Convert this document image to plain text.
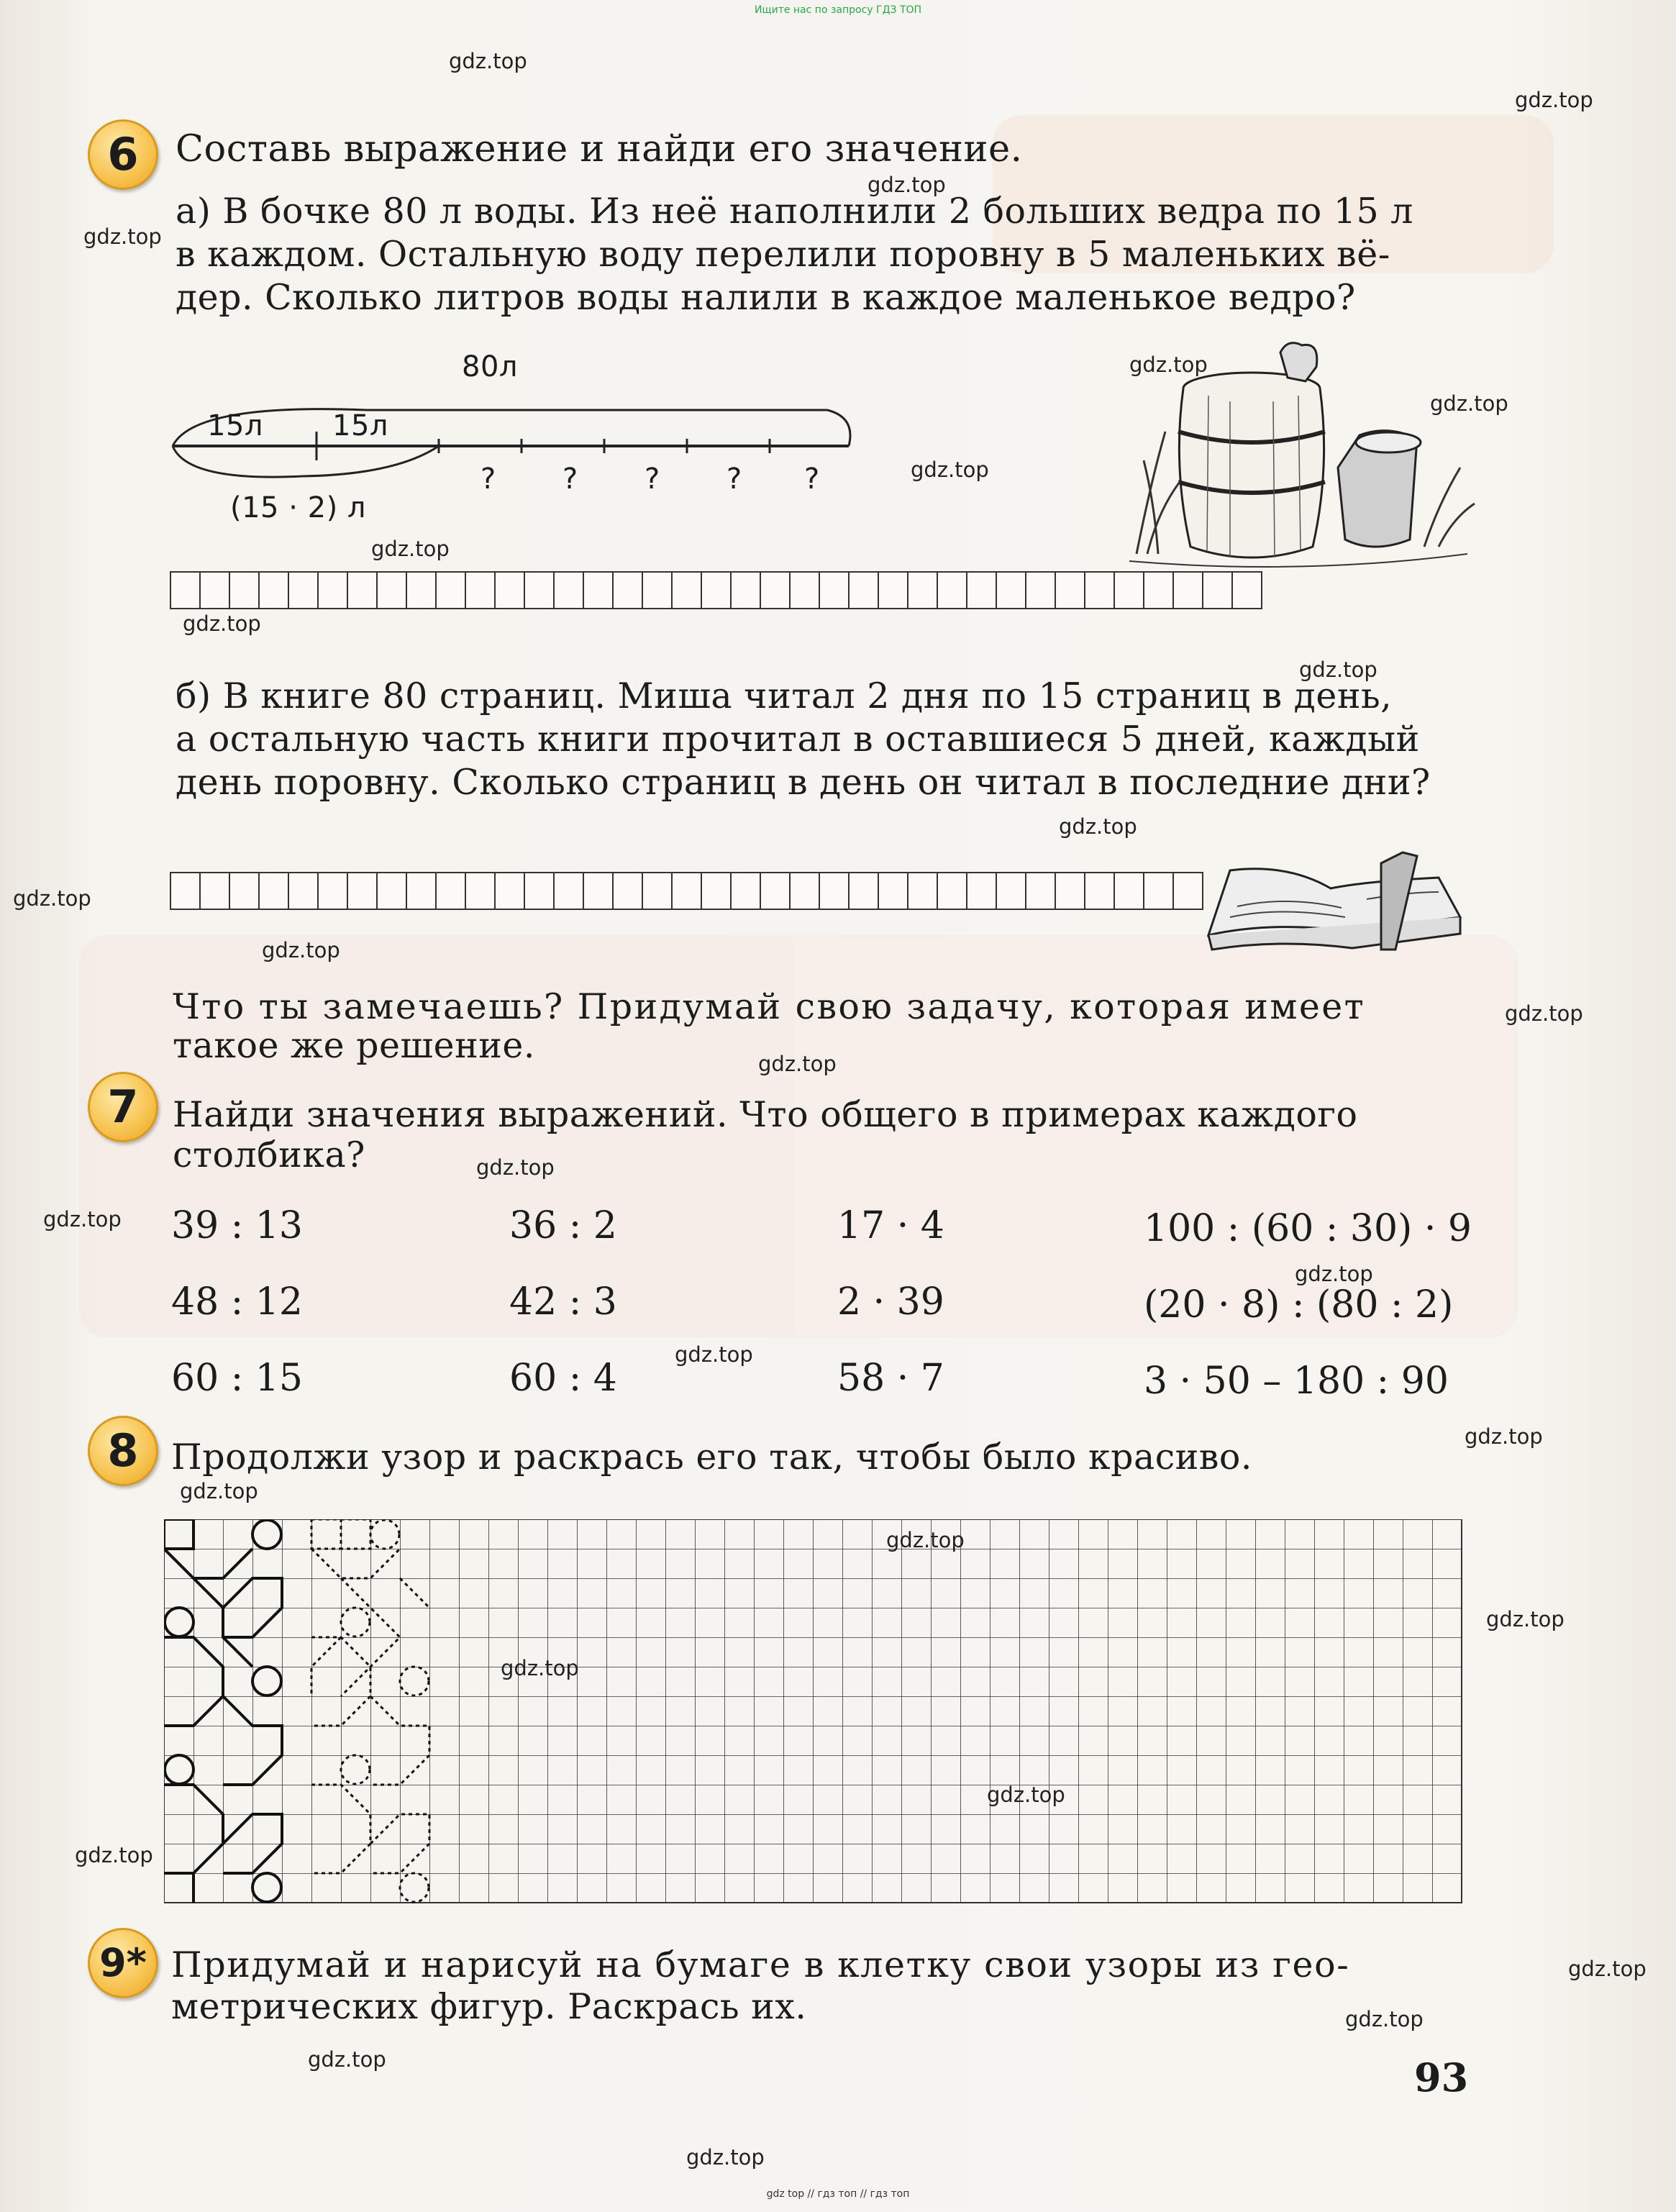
Ищите нас по запросу ГДЗ ТОП
6	Составь выражение и найди его значение.
а) В бочке 80 л воды. Из неё наполнили 2 больших ведра по 15 л
в каждом. Остальную воду перелили поровну в 5 маленьких вё-
дер. Сколько литров воды налили в каждое маленькое ведро?
80л
15л 15л
? ? ? ? ?
(15 · 2) л
б) В книге 80 страниц. Миша читал 2 дня по 15 страниц в день,
а остальную часть книги прочитал в оставшиеся 5 дней, каждый
день поровну. Сколько страниц в день он читал в последние дни?
Что ты замечаешь? Придумай свою задачу, которая имеет
такое же решение.
7 Найди значения выражений. Что общего в примерах каждого
столбика?
39 : 13
48 : 12
60 : 15
36 : 2
42 : 3
60 : 4
17 · 4
2 · 39
58 · 7
100 : (60 : 30) · 9
(20 · 8) : (80 : 2)
3 · 50 – 180 : 90
8 Продолжи узор и раскрась его так, чтобы было красиво.
9* Придумай и нарисуй на бумаге в клетку свои узоры из гео-
метрических фигур. Раскрась их.
93
gdz.top
gdz.top
gdz.top
gdz.top
gdz.top
gdz.top
gdz.top
gdz.top
gdz.top
gdz.top
gdz.top
gdz.top
gdz.top
gdz.top
gdz.top
gdz.top
gdz.top
gdz.top
gdz.top
gdz.top
gdz.top
gdz.top
gdz.top
gdz.top
gdz.top
gdz.top
gdz.top
gdz.top
gdz.top
gdz.top
gdz top // гдз топ // гдз топ
